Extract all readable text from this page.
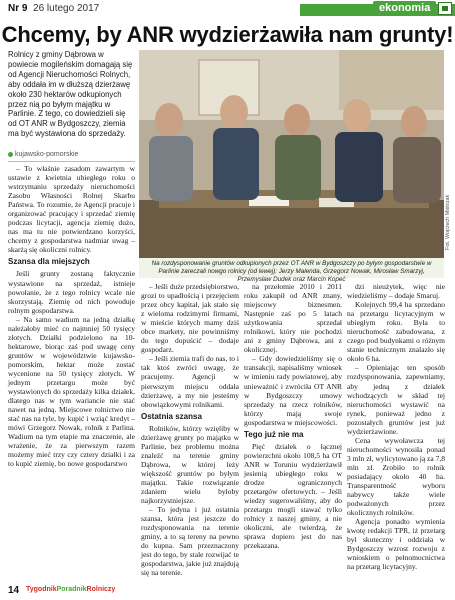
Nr 9 26 lutego 2017	ekonomia
Chcemy, by ANR wydzierżawiła nam grunty!
Rolnicy z gminy Dąbrowa w powiecie mogileńskim domagają się od Agencji Nieruchomości Rolnych, aby oddała im w dłuższą dzierżawę około 230 hektarów odkupionych przez nią po byłym majątku w Parlinie. Z tego, co dowiedzieli się od OT ANR w Bydgoszczy, ziemia ma być wystawiona do sprzedaży.
kujawsko-pomorskie
Fot. Wojciech Mistrzak
Na rozdysponowanie gruntów odkupionych przez OT ANR w Bydgoszczy po byłym gospodarstwie w Parlinie zareczali nowgo rolnicy (od lewej): Jerzy Malenda, Grzegorz Nowak, Mirosław Smarzyj, Przemysław Dudek oraz Marcin Kopeć

– To właśnie zasadom zawartym w ustawie z kwietnia ubiegłego roku o wstrzymaniu sprzedaży nieruchomości Zasobu Własności Rolnej Skarbu Państwa. To rozumie, że Agencji pracuje i organizować pracujący i sprzedać ziemię podczas licytacji, agencja ziemię dużo, nas ma tu nie potwierdzano korzyści, chcemy z gospodarstwa nadmiar uwag – skarżą się okoliczni rolnicy.

Szansa dla miejszych

Jeśli grunty zostaną faktycznie wystawione na sprzedaż, istnieje powołanie, że z tego rolnicy wcale nie skorzystają. Ziemię od nich powoduje rolnym gospodarstwa.

– Na samo wadium na jedną działkę należałoby mieć co najmniej 50 tysięcy złotych. Działki podzielono na 10-hektarowe, biorąc zaś pod uwagę ceny gruntów w województwie kujawsko-pomorskim, hektar może zostać wycenione na 50 tysięcy złotych. W jednym przetargu może być wystawionych do sprzedaży kilka działek, dlatego nas w tym wariancie nie stać nawet na jedną. Miejscowe rolnictwo nie stać nas na tyle, by kupić i wziąć kredyt – mówi Grzegorz Nowak, rolnik z Parlina. Wadium na tym etapie ma znaczenie, ale wrażenie, że za pierwszym razem możemy mieć trzy czy cztery działki i za to kupić ziemię, bo nowe gospodarstwo

– Jeśli duże przedsiębiorstwo, grozi to upadłością i przejęciem przez obcy kapitał, jak stało się z wieloma rodzimymi firmami, w mieście których mamy dziś obce markety, nie powinniśmy do tego dopuścić – dodaje gospodarz.

– Jeśli ziemia trafi do nas, to i tak ktoś zwróci uwagę, że pracujemy. Agencji w pierwszym miejscu oddała dzierżawę, a my nie jesteśmy obowiązkowymi rolnikami.

Ostatnia szansa

Rolników, którzy wzięliby w dzierżawę grunty po majątku w Parlinie, bez problemu można znaleźć na terenie gminy Dąbrowa, w której leży większość gruntów po byłym majątku. Takie rozwiązanie zdaniem wielu byłoby najkorzystniejsze.

– To jedyna i już ostatnia szansa, która jest jeszcze do rozdysponowania na terenie gminy, a to są tereny na pewno do kupna. Sam przeznaczony jest do tego, by stale rozwijać te gospodarstwa, jakie już znajdują się na terenie.

na przełomie 2010 i 2011 roku zakupił od ANR znany, miejscowy biznesmen. Następnie zaś po 5 latach użytkowania sprzedał rolnikowi, który nie pochodzi ani z gminy Dąbrowa, ani z okolicznej.

– Gdy dowiedzieliśmy się o transakcji, napisaliśmy wniosek w imieniu rady powiatowej, aby unieważnić i zwróciła OT ANR w Bydgoszczy umowy sprzedaży na rzecz rolników, którzy mają swoje gospodarstwa w miejscowości.

Tego już nie ma

Pięć działek o łącznej powierzchni około 108,5 ha OT ANR w Toruniu wydzierżawił jesienią ubiegłego roku w drodze ograniczonych przetargów ofertowych. – Jeśli wiedzy sugerowaliśmy, aby do przetargu mogli stawać tylko rolnicy z naszej gminy, a nie okoliczni, ale twierdzą, że sprawa dopiero jest do nas przekazana.

dzi nieużytek, więc nie wiedzieliśmy – dodaje Smaruj.

Kolejnych 99,4 ha sprzedano na przetargu licytacyjnym w ubiegłym roku. Była to nieruchomość zabudowana, z czego pod budynkami o różnym stanie technicznym znalazło się około 6 ha.

– Opieniając ten sposób rozdysponowania, zapewniamy, aby jedną z działek wchodzących w skład tej nieruchomości wystawić na rynek, ponieważ jedno z pozostałych gruntów jest już wydzierżawione.

Cena wywoławcza tej nieruchomości wynosiła ponad 3 mln zł, wylicytowano ją za 7,8 mln zł. Zrobiło to rolnik posiadający około 40 ha. Transparentność wyboru nabywcy także wiele podważonych przez okolicznych rolników.

Agencja ponadto wymienia kwotę redakcji TPR, iż przetarg był skuteczny i oddziała w Bydgoszczy wzrost rozwoju z wnioskiem o pełnomocnictwa na przetarg licytacyjny.

14 TygodnikPoradnikRolniczy
